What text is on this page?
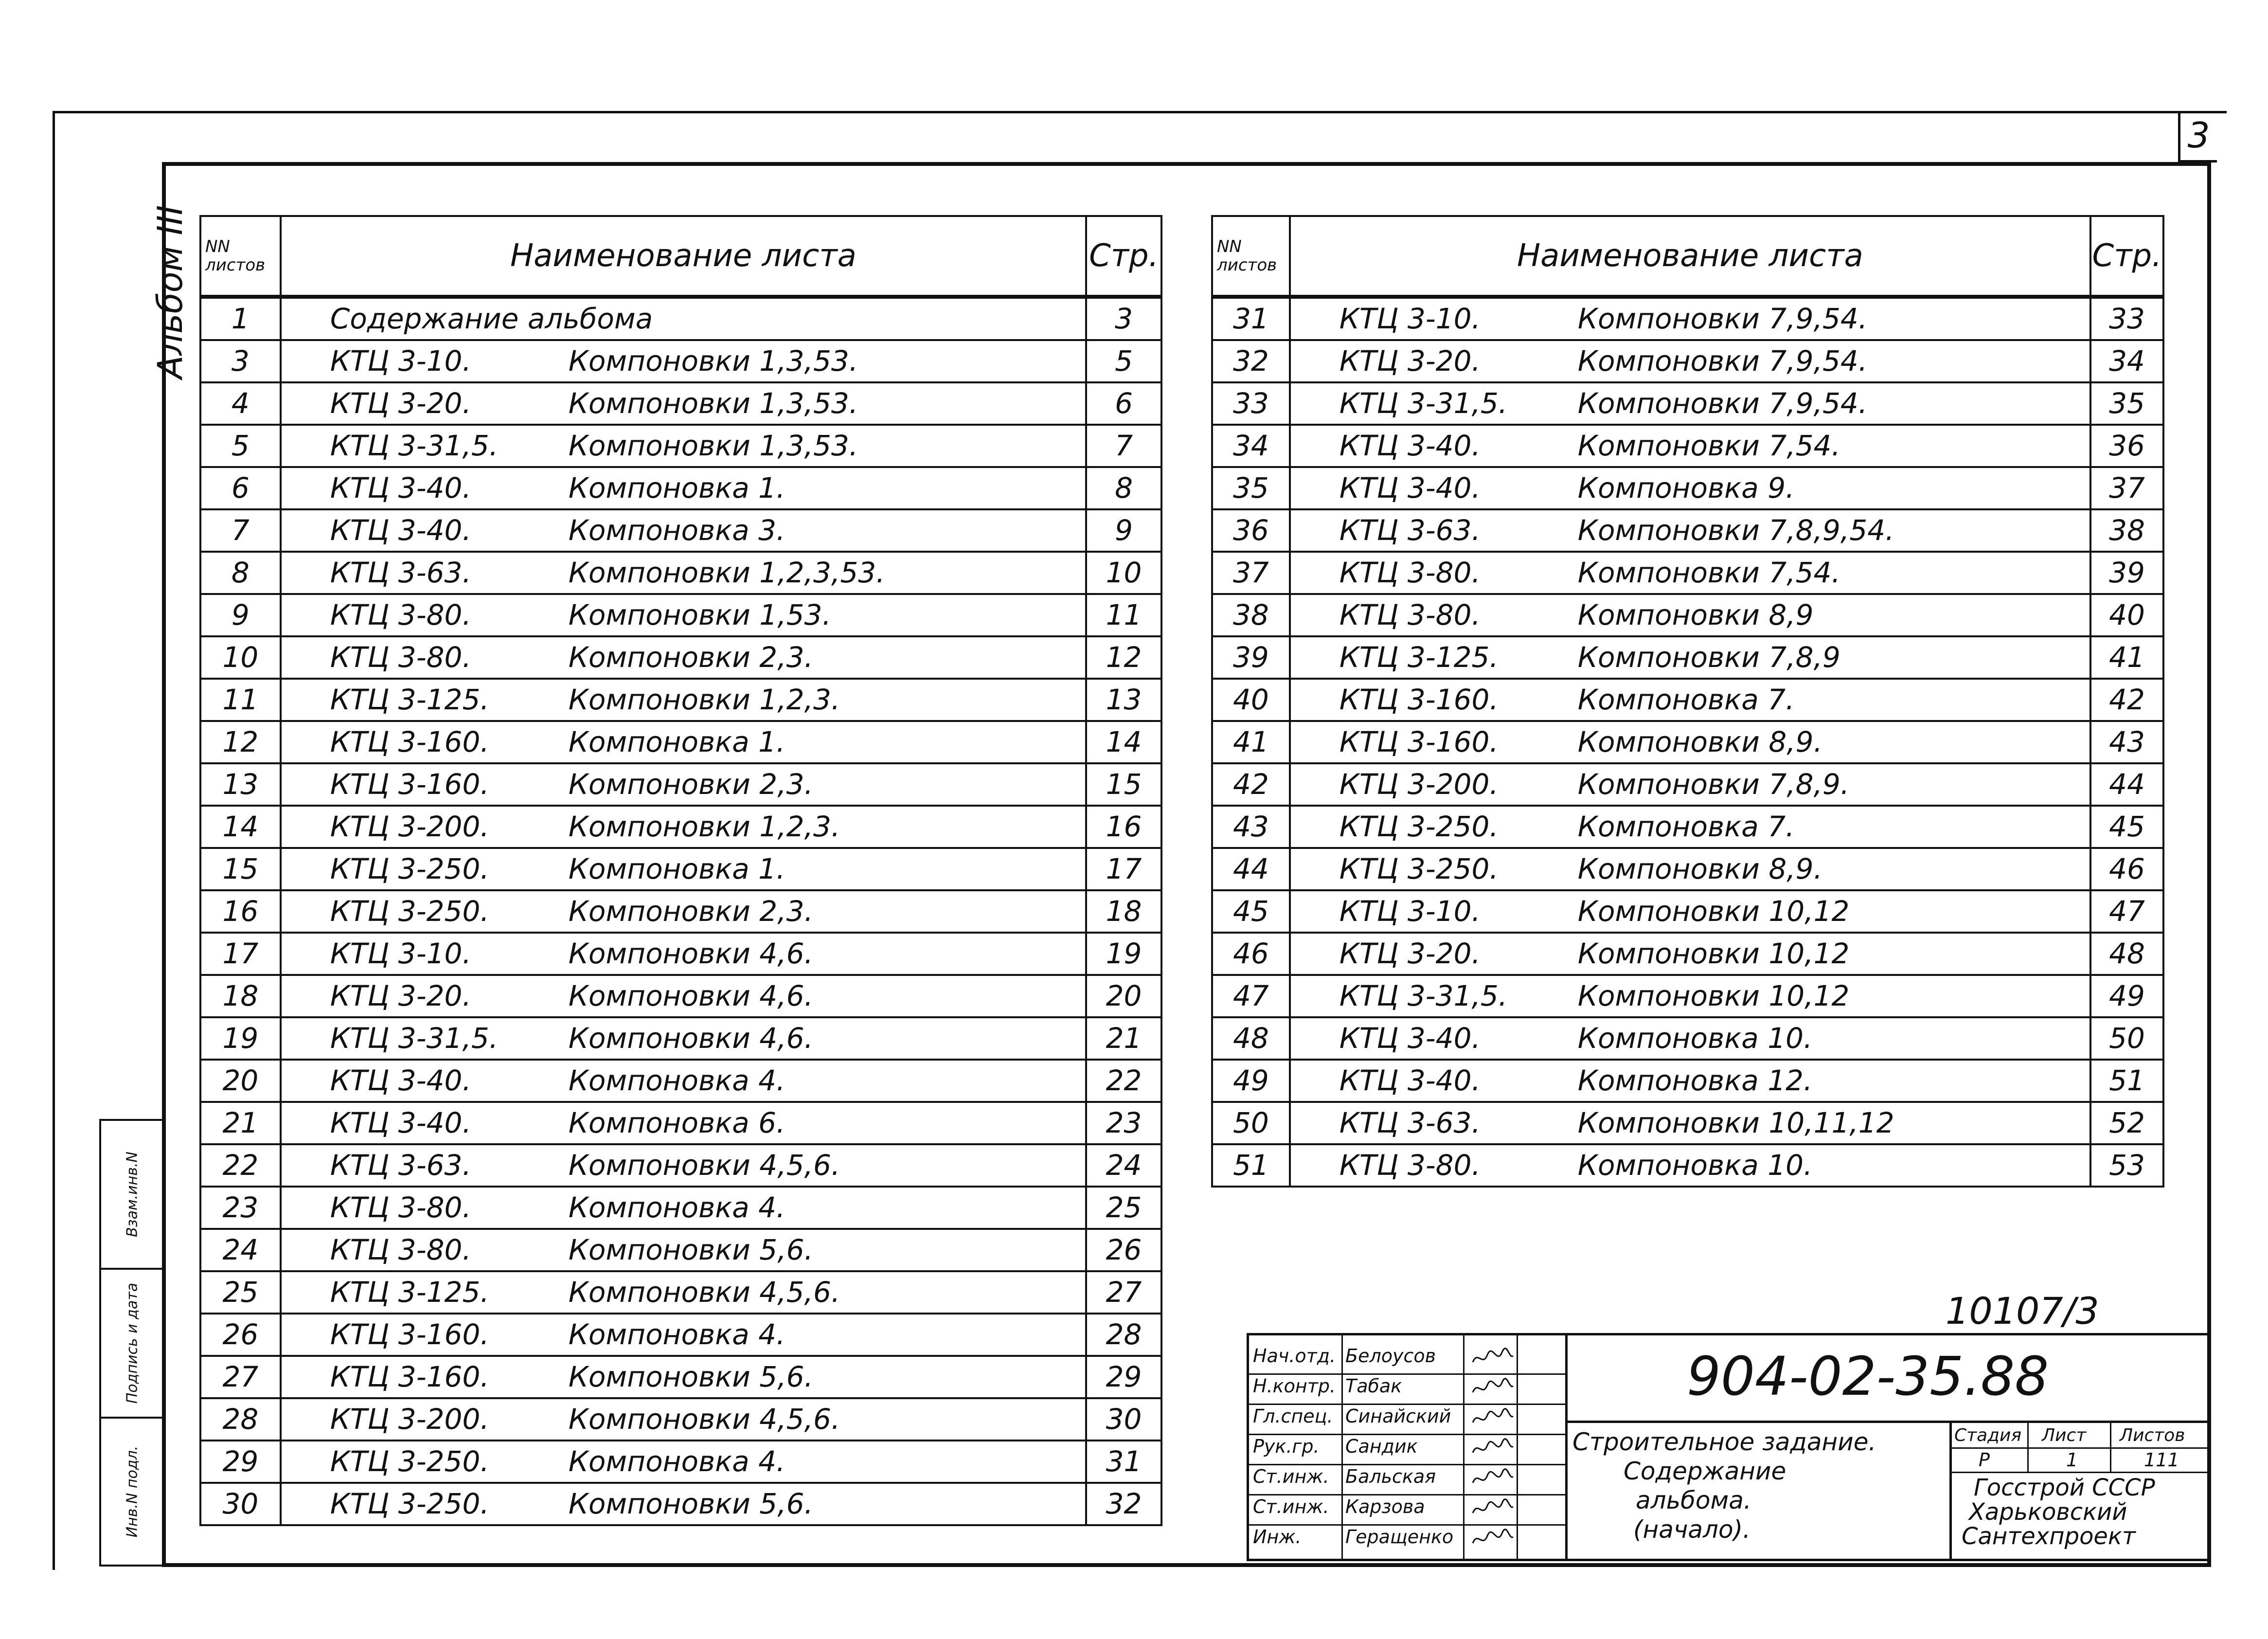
3
Альбом III
Взам.инв.N
Подпись и дата
Инв.N подл.
NN
листов	Наименование листа	Стр.
1	Содержание альбома	3
3	КТЦ 3-10. Компоновки 1,3,53.	5
4	КТЦ 3-20. Компоновки 1,3,53.	6
5	КТЦ 3-31,5. Компоновки 1,3,53.	7
6	КТЦ 3-40. Компоновка 1.	8
7	КТЦ 3-40. Компоновка 3.	9
8	КТЦ 3-63. Компоновки 1,2,3,53.	10
9	КТЦ 3-80. Компоновки 1,53.	11
10	КТЦ 3-80. Компоновки 2,3.	12
11	КТЦ 3-125. Компоновки 1,2,3.	13
12	КТЦ 3-160. Компоновка 1.	14
13	КТЦ 3-160. Компоновки 2,3.	15
14	КТЦ 3-200. Компоновки 1,2,3.	16
15	КТЦ 3-250. Компоновка 1.	17
16	КТЦ 3-250. Компоновки 2,3.	18
17	КТЦ 3-10. Компоновки 4,6.	19
18	КТЦ 3-20. Компоновки 4,6.	20
19	КТЦ 3-31,5. Компоновки 4,6.	21
20	КТЦ 3-40. Компоновка 4.	22
21	КТЦ 3-40. Компоновка 6.	23
22	КТЦ 3-63. Компоновки 4,5,6.	24
23	КТЦ 3-80. Компоновка 4.	25
24	КТЦ 3-80. Компоновки 5,6.	26
25	КТЦ 3-125. Компоновки 4,5,6.	27
26	КТЦ 3-160. Компоновка 4.	28
27	КТЦ 3-160. Компоновки 5,6.	29
28	КТЦ 3-200. Компоновки 4,5,6.	30
29	КТЦ 3-250. Компоновка 4.	31
30	КТЦ 3-250. Компоновки 5,6.	32
NN
листов	Наименование листа	Стр.
31	КТЦ 3-10. Компоновки 7,9,54.	33
32	КТЦ 3-20. Компоновки 7,9,54.	34
33	КТЦ 3-31,5. Компоновки 7,9,54.	35
34	КТЦ 3-40. Компоновки 7,54.	36
35	КТЦ 3-40. Компоновка 9.	37
36	КТЦ 3-63. Компоновки 7,8,9,54.	38
37	КТЦ 3-80. Компоновки 7,54.	39
38	КТЦ 3-80. Компоновки 8,9	40
39	КТЦ 3-125. Компоновки 7,8,9	41
40	КТЦ 3-160. Компоновка 7.	42
41	КТЦ 3-160. Компоновки 8,9.	43
42	КТЦ 3-200. Компоновки 7,8,9.	44
43	КТЦ 3-250. Компоновка 7.	45
44	КТЦ 3-250. Компоновки 8,9.	46
45	КТЦ 3-10. Компоновки 10,12	47
46	КТЦ 3-20. Компоновки 10,12	48
47	КТЦ 3-31,5. Компоновки 10,12	49
48	КТЦ 3-40. Компоновка 10.	50
49	КТЦ 3-40. Компоновка 12.	51
50	КТЦ 3-63. Компоновки 10,11,12	52
51	КТЦ 3-80. Компоновка 10.	53
10107/3
Нач.отд. Белоусов
Н.контр. Табак
Гл.спец. Синайский
Рук.гр. Сандик
Ст.инж. Бальская
Ст.инж. Карзова
Инж. Геращенко
904-02-35.88
Строительное задание.
Содержание
альбома.
(начало).
Стадия Лист Листов
Р	1	111
Госстрой СССР
Харьковский
Сантехпроект
